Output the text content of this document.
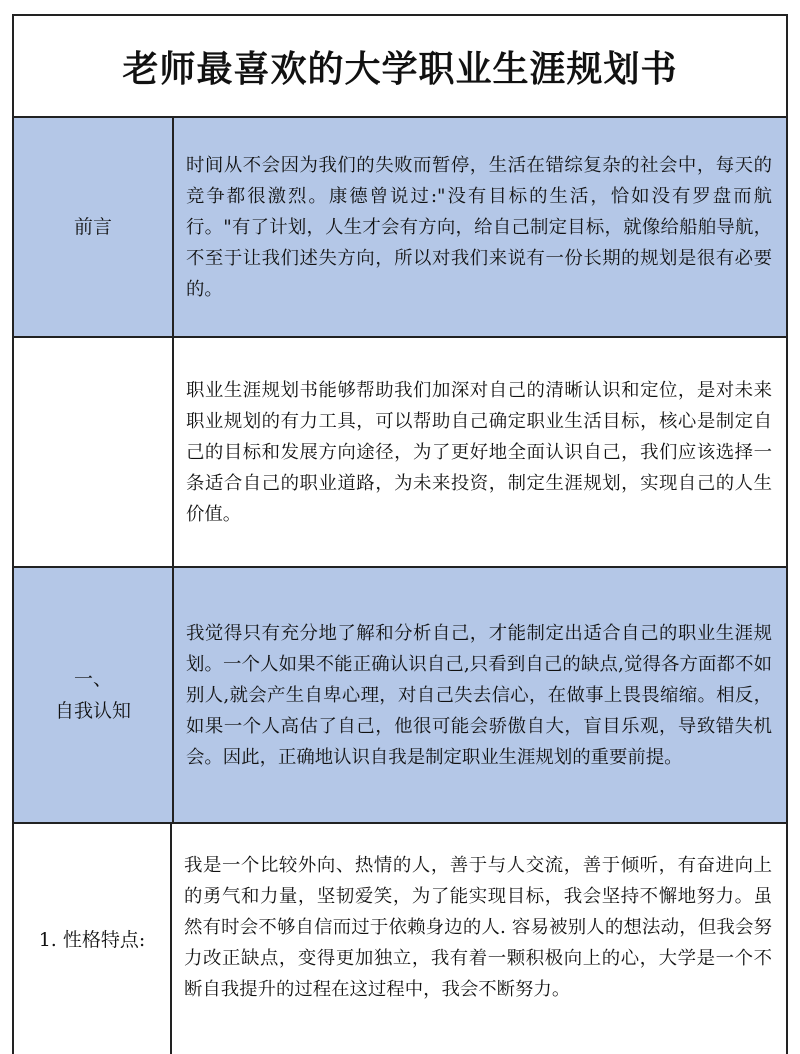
老师最喜欢的大学职业生涯规划书
前言
时间从不会因为我们的失败而暂停，生活在错综复杂的社会中，每天的竞争都很激烈。康德曾说过:"没有目标的生活，恰如没有罗盘而航行。"有了计划，人生才会有方向，给自己制定目标，就像给船舶导航，不至于让我们述失方向，所以对我们来说有一份长期的规划是很有必要的。
职业生涯规划书能够帮助我们加深对自己的清晰认识和定位，是对未来职业规划的有力工具，可以帮助自己确定职业生活目标，核心是制定自己的目标和发展方向途径，为了更好地全面认识自己，我们应该选择一条适合自己的职业道路，为未来投资，制定生涯规划，实现自己的人生价值。
一、
自我认知
我觉得只有充分地了解和分析自己，才能制定出适合自己的职业生涯规划。一个人如果不能正确认识自己,只看到自己的缺点,觉得各方面都不如别人,就会产生自卑心理，对自己失去信心，在做事上畏畏缩缩。相反，如果一个人高估了自己，他很可能会骄傲自大，盲目乐观，导致错失机会。因此，正确地认识自我是制定职业生涯规划的重要前提。
1. 性格特点:
我是一个比较外向、热情的人，善于与人交流，善于倾听，有奋进向上的勇气和力量，坚韧爱笑，为了能实现目标，我会坚持不懈地努力。虽然有时会不够自信而过于依赖身边的人. 容易被别人的想法动，但我会努力改正缺点，变得更加独立，我有着一颗积极向上的心，大学是一个不断自我提升的过程在这过程中，我会不断努力。
